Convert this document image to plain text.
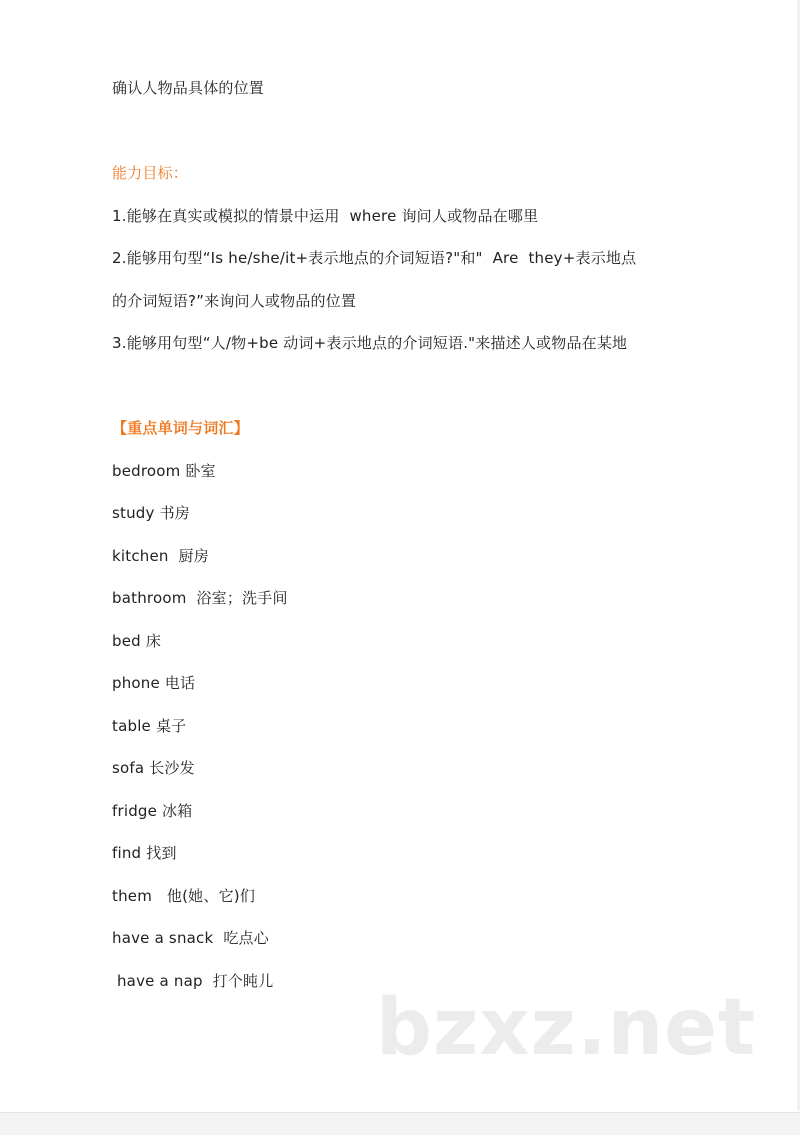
确认人物品具体的位置
能力目标：
1.能够在真实或模拟的情景中运用  where 询问人或物品在哪里
2.能够用句型“Is he/she/it+表示地点的介词短语?"和"  Are  they+表示地点
的介词短语?”来询问人或物品的位置
3.能够用句型“人/物+be 动词+表示地点的介词短语."来描述人或物品在某地
【重点单词与词汇】
bedroom 卧室
study 书房
kitchen  厨房
bathroom  浴室；洗手间
bed 床
phone 电话
table 桌子
sofa 长沙发
fridge 冰箱
find 找到
them   他(她、它)们
have a snack  吃点心
have a nap  打个盹儿
bzxz.net
